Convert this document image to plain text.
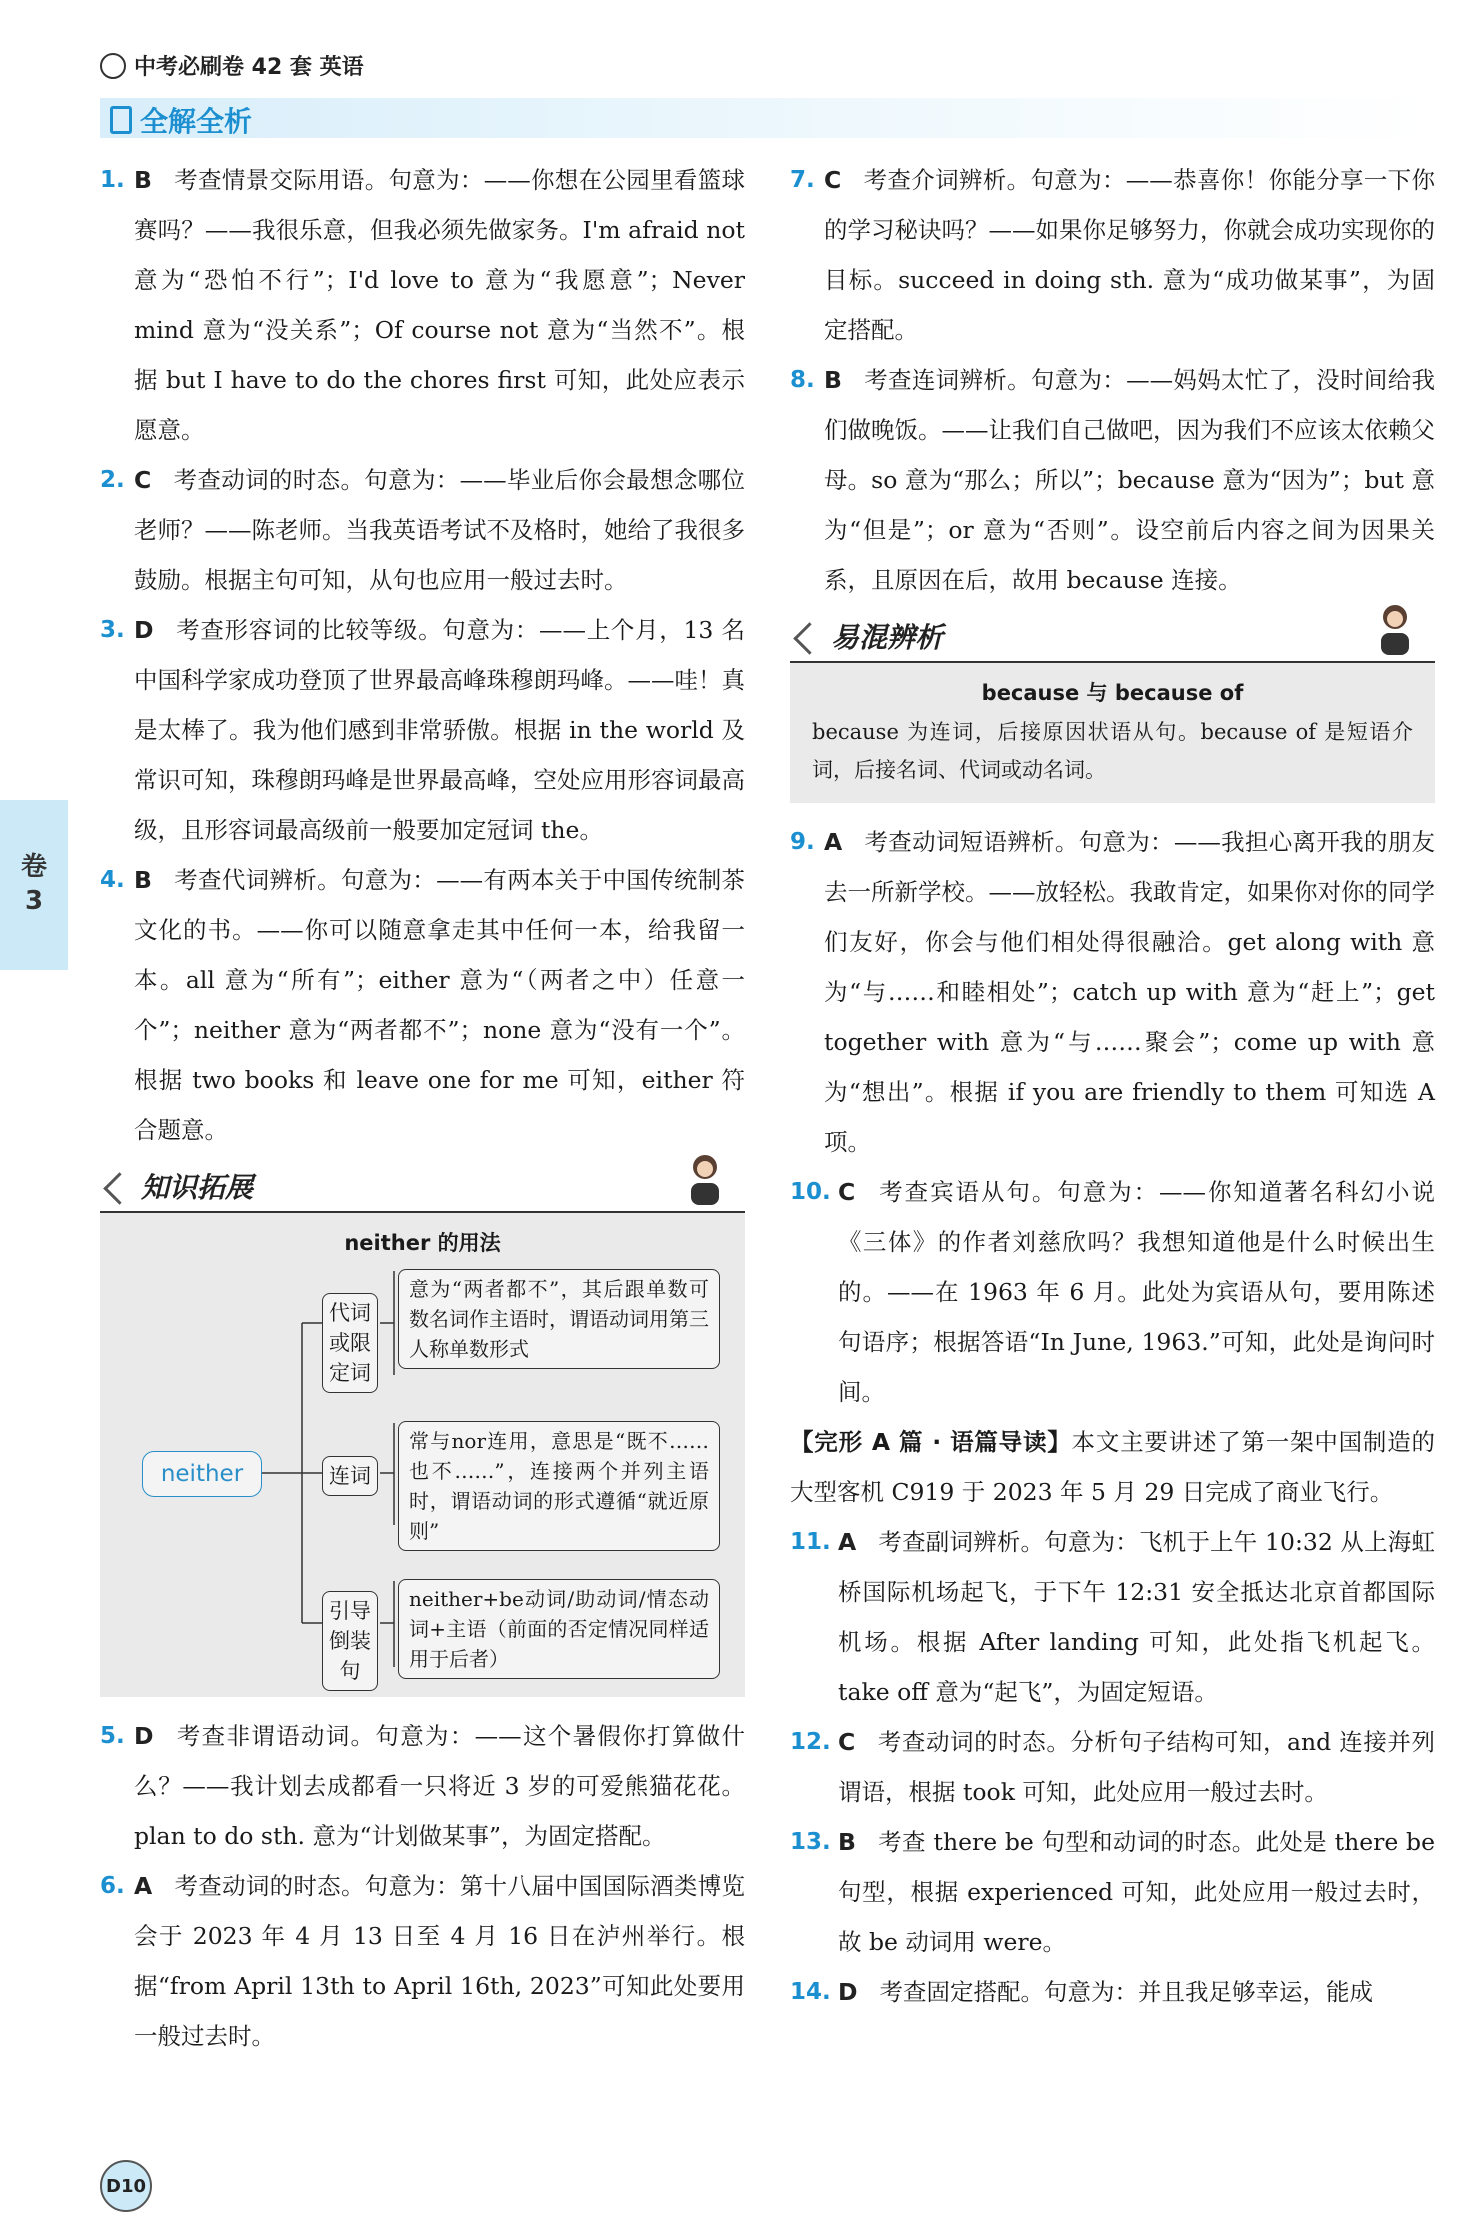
中考必刷卷 42 套 英语
全解全析
卷
3
1. B 考查情景交际用语。句意为：——你想在公园里看篮球赛吗？——我很乐意，但我必须先做家务。I'm afraid not 意为“恐怕不行”；I'd love to 意为“我愿意”；Never mind 意为“没关系”；Of course not 意为“当然不”。根据 but I have to do the chores first 可知，此处应表示愿意。
2. C 考查动词的时态。句意为：——毕业后你会最想念哪位老师？——陈老师。当我英语考试不及格时，她给了我很多鼓励。根据主句可知，从句也应用一般过去时。
3. D 考查形容词的比较等级。句意为：——上个月，13 名中国科学家成功登顶了世界最高峰珠穆朗玛峰。——哇！真是太棒了。我为他们感到非常骄傲。根据 in the world 及常识可知，珠穆朗玛峰是世界最高峰，空处应用形容词最高级，且形容词最高级前一般要加定冠词 the。
4. B 考查代词辨析。句意为：——有两本关于中国传统制茶文化的书。——你可以随意拿走其中任何一本，给我留一本。all 意为“所有”；either 意为“（两者之中）任意一个”；neither 意为“两者都不”；none 意为“没有一个”。根据 two books 和 leave one for me 可知，either 符合题意。
知识拓展
neither 的用法
neither
代词或限定词
意为“两者都不”，其后跟单数可数名词作主语时，谓语动词用第三人称单数形式
连词
常与nor连用，意思是“既不……也不……”，连接两个并列主语时，谓语动词的形式遵循“就近原则”
引导倒装句
neither+be动词/助动词/情态动词+主语（前面的否定情况同样适用于后者）
5. D 考查非谓语动词。句意为：——这个暑假你打算做什么？——我计划去成都看一只将近 3 岁的可爱熊猫花花。plan to do sth. 意为“计划做某事”，为固定搭配。
6. A 考查动词的时态。句意为：第十八届中国国际酒类博览会于 2023 年 4 月 13 日至 4 月 16 日在泸州举行。根据“from April 13th to April 16th, 2023”可知此处要用一般过去时。
7. C 考查介词辨析。句意为：——恭喜你！你能分享一下你的学习秘诀吗？——如果你足够努力，你就会成功实现你的目标。succeed in doing sth. 意为“成功做某事”，为固定搭配。
8. B 考查连词辨析。句意为：——妈妈太忙了，没时间给我们做晚饭。——让我们自己做吧，因为我们不应该太依赖父母。so 意为“那么；所以”；because 意为“因为”；but 意为“但是”；or 意为“否则”。设空前后内容之间为因果关系，且原因在后，故用 because 连接。
易混辨析
because 与 because of
because 为连词，后接原因状语从句。because of 是短语介词，后接名词、代词或动名词。
9. A 考查动词短语辨析。句意为：——我担心离开我的朋友去一所新学校。——放轻松。我敢肯定，如果你对你的同学们友好，你会与他们相处得很融洽。get along with 意为“与……和睦相处”；catch up with 意为“赶上”；get together with 意为“与……聚会”；come up with 意为“想出”。根据 if you are friendly to them 可知选 A 项。
10. C 考查宾语从句。句意为：——你知道著名科幻小说《三体》的作者刘慈欣吗？我想知道他是什么时候出生的。——在 1963 年 6 月。此处为宾语从句，要用陈述句语序；根据答语“In June, 1963.”可知，此处是询问时间。
【完形 A 篇 · 语篇导读】本文主要讲述了第一架中国制造的大型客机 C919 于 2023 年 5 月 29 日完成了商业飞行。
11. A 考查副词辨析。句意为：飞机于上午 10:32 从上海虹桥国际机场起飞，于下午 12:31 安全抵达北京首都国际机场。根据 After landing 可知，此处指飞机起飞。take off 意为“起飞”，为固定短语。
12. C 考查动词的时态。分析句子结构可知，and 连接并列谓语，根据 took 可知，此处应用一般过去时。
13. B 考查 there be 句型和动词的时态。此处是 there be 句型，根据 experienced 可知，此处应用一般过去时，故 be 动词用 were。
14. D 考查固定搭配。句意为：并且我足够幸运，能成
D10
